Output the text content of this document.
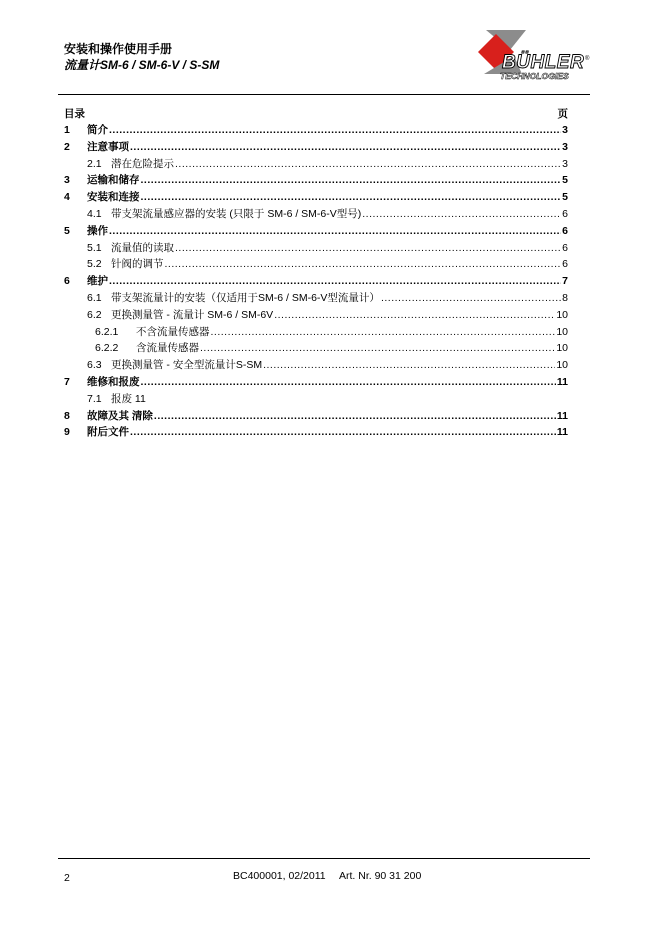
安装和操作使用手册
流量计SM-6 / SM-6-V / S-SM	BÜHLER ®
TECHNOLOGIES
目录	页
1	简介 .....	3
2	注意事项 .....	3
2.1 潜在危险提示 .....	3
3	运输和储存 .....	5
4	安装和连接 .....	5
4.1 带支架流量感应器的安装 (只限于 SM-6 / SM-6-V型号) .....	6
5	操作 .....	6
5.1 流量值的读取 .....	6
5.2 针阀的调节 .....	6
6	维护 .....	7
6.1 带支架流量计的安装（仅适用于SM-6 / SM-6-V型流量计） .....	8
6.2 更换测量管 - 流量计 SM-6 / SM-6V .....	10
6.2.1	不含流量传感器 .....	10
6.2.2	含流量传感器 .....	10
6.3 更换测量管 - 安全型流量计S-SM .....	10
7	维修和报废 .....	11
7.1 报废 11
8	故障及其 清除 .....	11
9	附后文件 .....	11
2	BC400001, 02/2011 Art. Nr. 90 31 200
